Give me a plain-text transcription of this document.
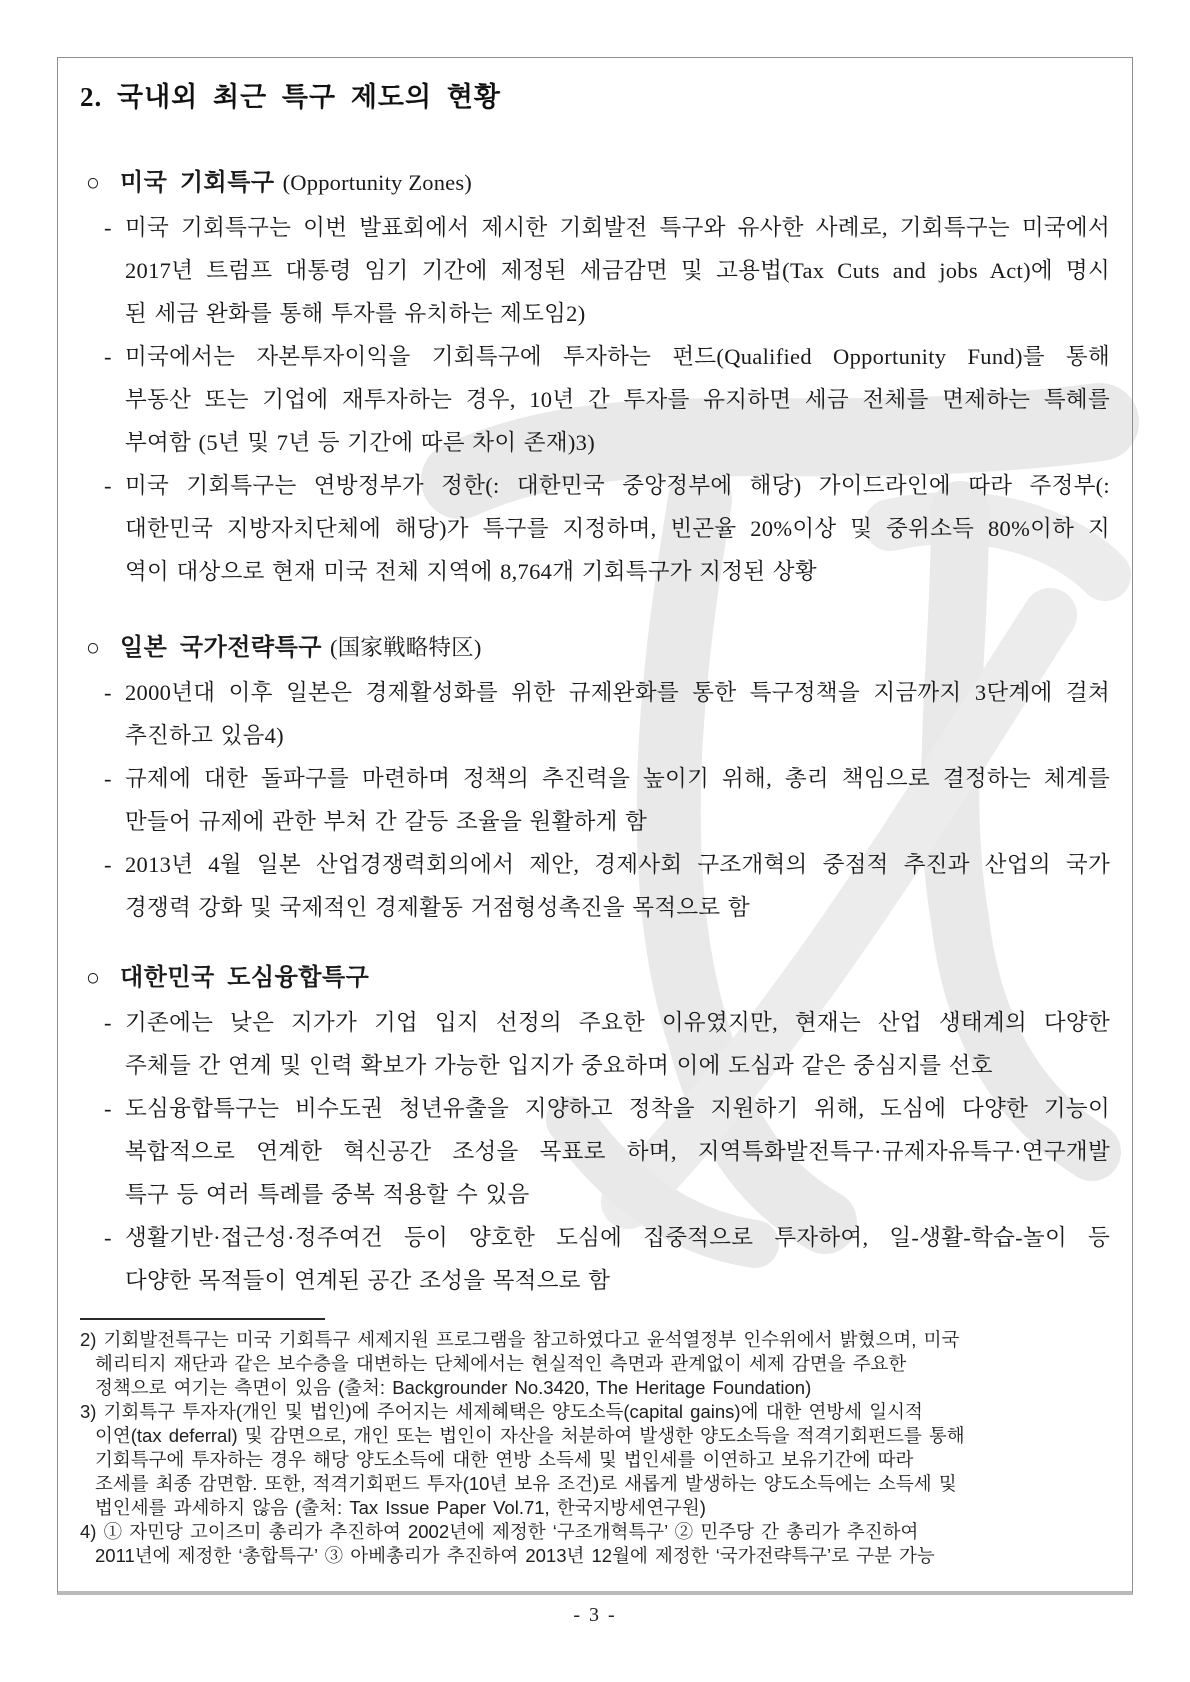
2. 국내외 최근 특구 제도의 현황
○ 미국 기회특구 (Opportunity Zones)
- 미국 기회특구는 이번 발표회에서 제시한 기회발전 특구와 유사한 사례로, 기회특구는 미국에서
2017년 트럼프 대통령 임기 기간에 제정된 세금감면 및 고용법(Tax Cuts and jobs Act)에 명시
된 세금 완화를 통해 투자를 유치하는 제도임2)
- 미국에서는 자본투자이익을 기회특구에 투자하는 펀드(Qualified Opportunity Fund)를 통해
부동산 또는 기업에 재투자하는 경우, 10년 간 투자를 유지하면 세금 전체를 면제하는 특혜를
부여함 (5년 및 7년 등 기간에 따른 차이 존재)3)
- 미국 기회특구는 연방정부가 정한(: 대한민국 중앙정부에 해당) 가이드라인에 따라 주정부(:
대한민국 지방자치단체에 해당)가 특구를 지정하며, 빈곤율 20%이상 및 중위소득 80%이하 지
역이 대상으로 현재 미국 전체 지역에 8,764개 기회특구가 지정된 상황
○ 일본 국가전략특구 (国家戦略特区)
- 2000년대 이후 일본은 경제활성화를 위한 규제완화를 통한 특구정책을 지금까지 3단계에 걸쳐
추진하고 있음4)
- 규제에 대한 돌파구를 마련하며 정책의 추진력을 높이기 위해, 총리 책임으로 결정하는 체계를
만들어 규제에 관한 부처 간 갈등 조율을 원활하게 함
- 2013년 4월 일본 산업경쟁력회의에서 제안, 경제사회 구조개혁의 중점적 추진과 산업의 국가
경쟁력 강화 및 국제적인 경제활동 거점형성촉진을 목적으로 함
○ 대한민국 도심융합특구
- 기존에는 낮은 지가가 기업 입지 선정의 주요한 이유였지만, 현재는 산업 생태계의 다양한
주체들 간 연계 및 인력 확보가 가능한 입지가 중요하며 이에 도심과 같은 중심지를 선호
- 도심융합특구는 비수도권 청년유출을 지양하고 정착을 지원하기 위해, 도심에 다양한 기능이
복합적으로 연계한 혁신공간 조성을 목표로 하며, 지역특화발전특구·규제자유특구·연구개발
특구 등 여러 특례를 중복 적용할 수 있음
- 생활기반·접근성·정주여건 등이 양호한 도심에 집중적으로 투자하여, 일-생활-학습-놀이 등
다양한 목적들이 연계된 공간 조성을 목적으로 함
2) 기회발전특구는 미국 기회특구 세제지원 프로그램을 참고하였다고 윤석열정부 인수위에서 밝혔으며, 미국
헤리티지 재단과 같은 보수층을 대변하는 단체에서는 현실적인 측면과 관계없이 세제 감면을 주요한
정책으로 여기는 측면이 있음 (출처: Backgrounder No.3420, The Heritage Foundation)
3) 기회특구 투자자(개인 및 법인)에 주어지는 세제혜택은 양도소득(capital gains)에 대한 연방세 일시적
이연(tax deferral) 및 감면으로, 개인 또는 법인이 자산을 처분하여 발생한 양도소득을 적격기회펀드를 통해
기회특구에 투자하는 경우 해당 양도소득에 대한 연방 소득세 및 법인세를 이연하고 보유기간에 따라
조세를 최종 감면함. 또한, 적격기회펀드 투자(10년 보유 조건)로 새롭게 발생하는 양도소득에는 소득세 및
법인세를 과세하지 않음 (출처: Tax Issue Paper Vol.71, 한국지방세연구원)
4) ① 자민당 고이즈미 총리가 추진하여 2002년에 제정한 ‘구조개혁특구’ ② 민주당 간 총리가 추진하여
2011년에 제정한 ‘총합특구’ ③ 아베총리가 추진하여 2013년 12월에 제정한 ‘국가전략특구’로 구분 가능
- 3 -
